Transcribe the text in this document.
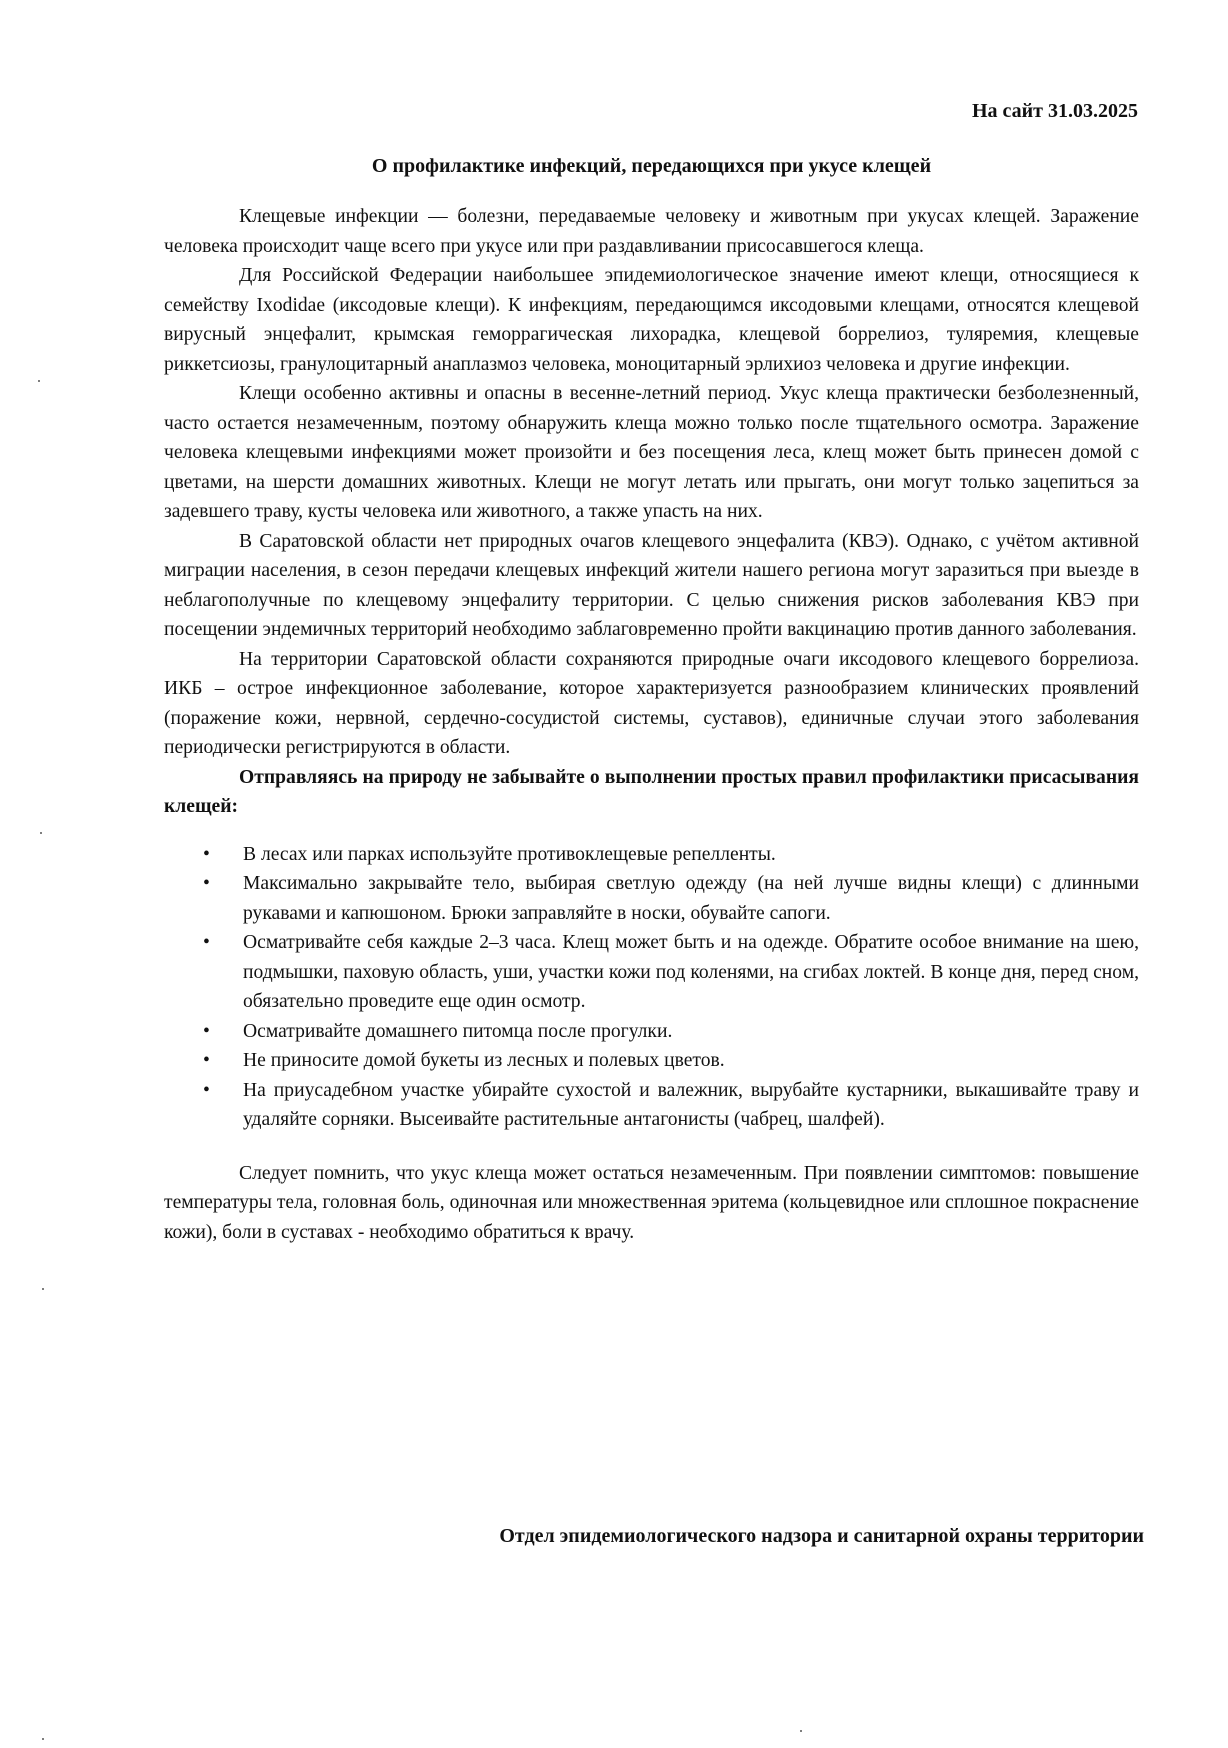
На сайт 31.03.2025
О профилактике инфекций, передающихся при укусе клещей

Клещевые инфекции — болезни, передаваемые человеку и животным при укусах клещей. Заражение человека происходит чаще всего при укусе или при раздавливании присосавшегося клеща.

Для Российской Федерации наибольшее эпидемиологическое значение имеют клещи, относящиеся к семейству Ixodidae (иксодовые клещи). К инфекциям, передающимся иксодовыми клещами, относятся клещевой вирусный энцефалит, крымская геморрагическая лихорадка, клещевой боррелиоз, туляремия, клещевые риккетсиозы, гранулоцитарный анаплазмоз человека, моноцитарный эрлихиоз человека и другие инфекции.

Клещи особенно активны и опасны в весенне-летний период. Укус клеща практически безболезненный, часто остается незамеченным, поэтому обнаружить клеща можно только после тщательного осмотра. Заражение человека клещевыми инфекциями может произойти и без посещения леса, клещ может быть принесен домой с цветами, на шерсти домашних животных. Клещи не могут летать или прыгать, они могут только зацепиться за задевшего траву, кусты человека или животного, а также упасть на них.

В Саратовской области нет природных очагов клещевого энцефалита (КВЭ). Однако, с учётом активной миграции населения, в сезон передачи клещевых инфекций жители нашего региона могут заразиться при выезде в неблагополучные по клещевому энцефалиту территории. С целью снижения рисков заболевания КВЭ при посещении эндемичных территорий необходимо заблаговременно пройти вакцинацию против данного заболевания.

На территории Саратовской области сохраняются природные очаги иксодового клещевого боррелиоза. ИКБ – острое инфекционное заболевание, которое характеризуется разнообразием клинических проявлений (поражение кожи, нервной, сердечно-сосудистой системы, суставов), единичные случаи этого заболевания периодически регистрируются в области.

Отправляясь на природу не забывайте о выполнении простых правил профилактики присасывания клещей:

• В лесах или парках используйте противоклещевые репелленты.
• Максимально закрывайте тело, выбирая светлую одежду (на ней лучше видны клещи) с длинными рукавами и капюшоном. Брюки заправляйте в носки, обувайте сапоги.
• Осматривайте себя каждые 2–3 часа. Клещ может быть и на одежде. Обратите особое внимание на шею, подмышки, паховую область, уши, участки кожи под коленями, на сгибах локтей. В конце дня, перед сном, обязательно проведите еще один осмотр.
• Осматривайте домашнего питомца после прогулки.
• Не приносите домой букеты из лесных и полевых цветов.
• На приусадебном участке убирайте сухостой и валежник, вырубайте кустарники, выкашивайте траву и удаляйте сорняки. Высеивайте растительные антагонисты (чабрец, шалфей).

Следует помнить, что укус клеща может остаться незамеченным. При появлении симптомов: повышение температуры тела, головная боль, одиночная или множественная эритема (кольцевидное или сплошное покраснение кожи), боли в суставах - необходимо обратиться к врачу.

Отдел эпидемиологического надзора и санитарной охраны территории
